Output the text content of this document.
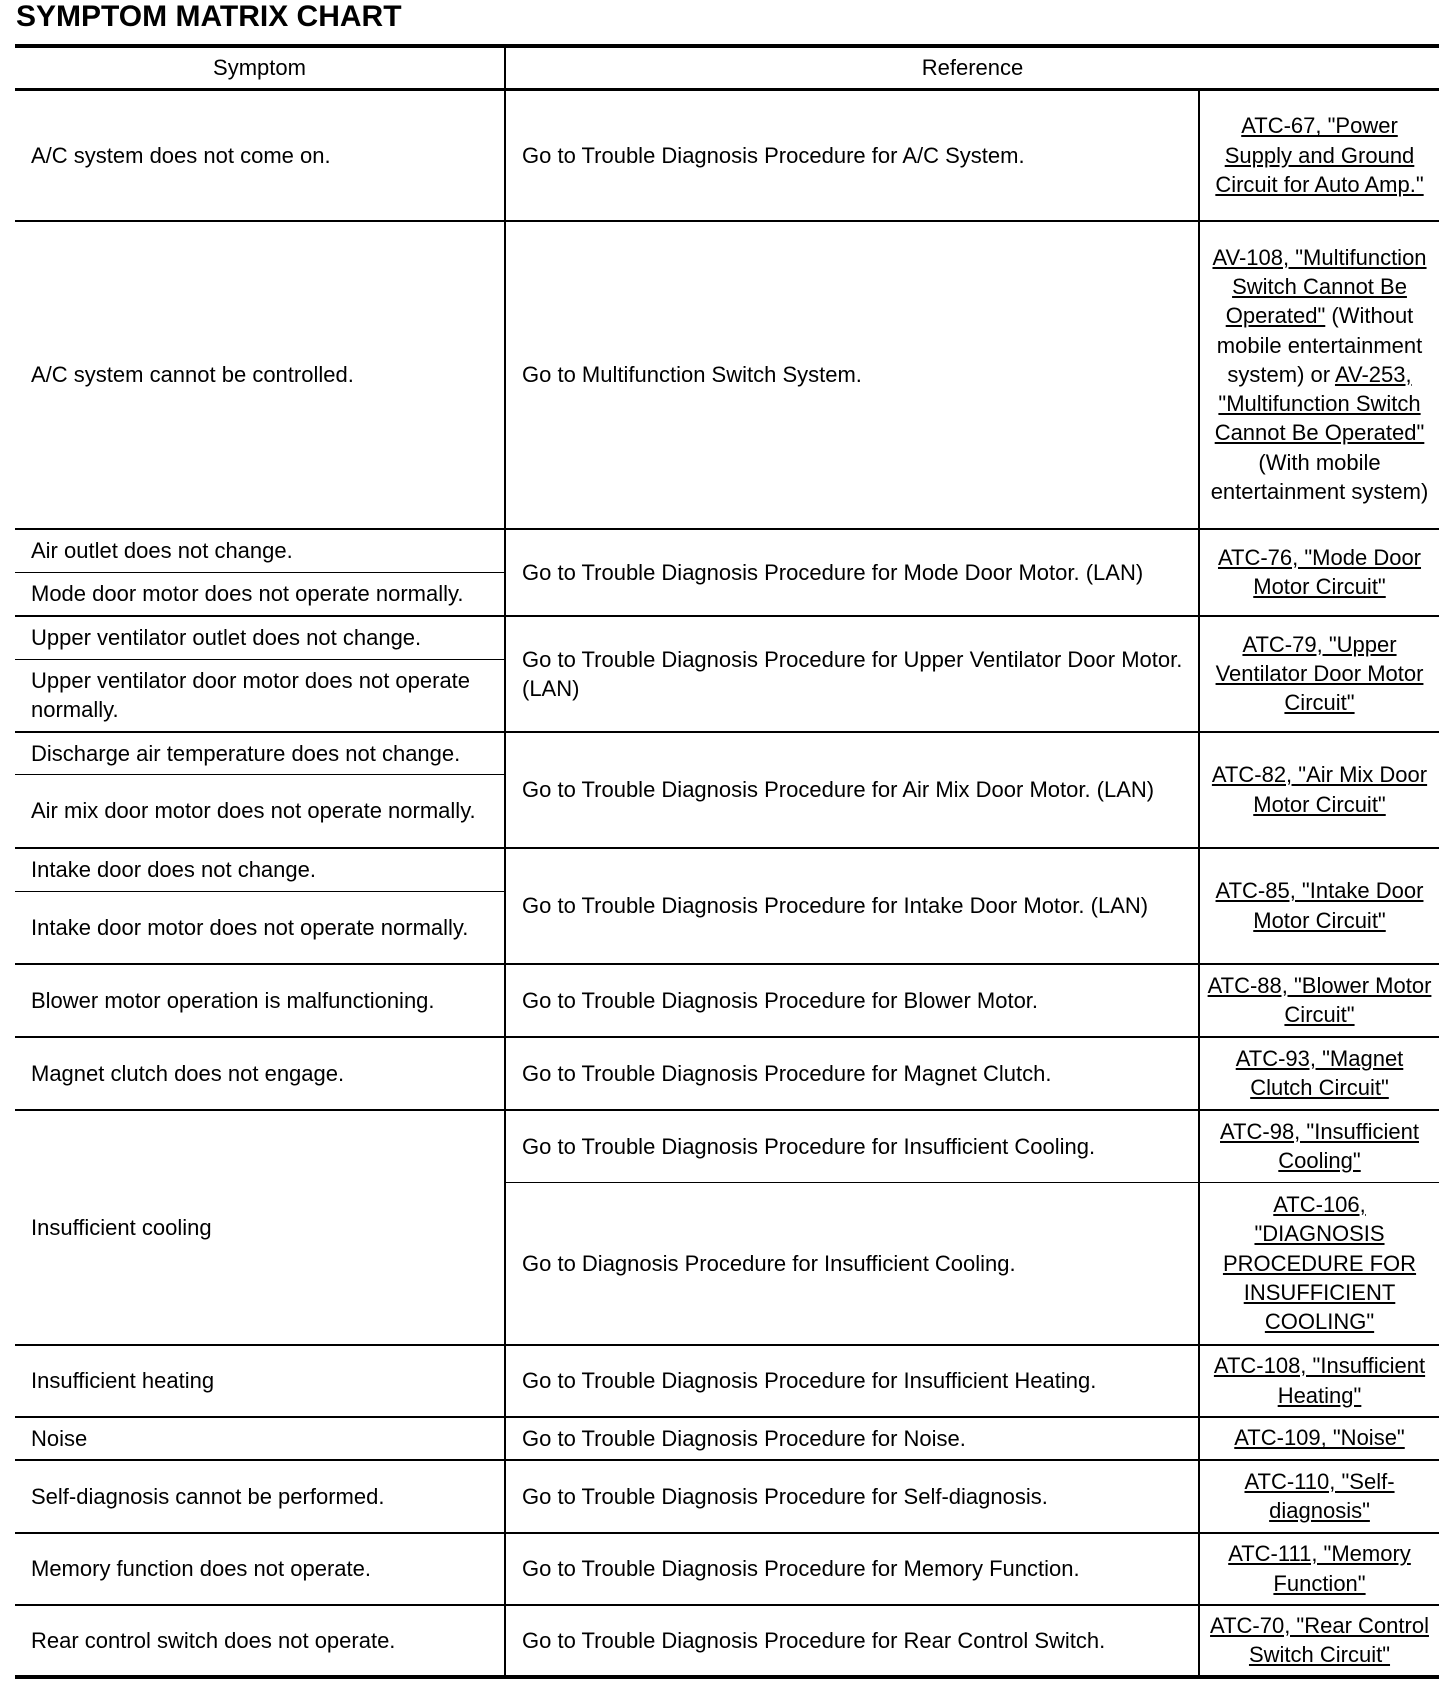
SYMPTOM MATRIX CHART
Symptom	Reference	
A/C system does not come on.	Go to Trouble Diagnosis Procedure for A/C System.	ATC-67, "Power Supply and Ground Circuit for Auto Amp."
A/C system cannot be controlled.	Go to Multifunction Switch System.	AV-108, "Multifunction Switch Cannot Be Operated" (Without mobile entertainment system) or AV-253, "Multifunction Switch Cannot Be Operated" (With mobile entertainment system)
Air outlet does not change.	Go to Trouble Diagnosis Procedure for Mode Door Motor. (LAN)	ATC-76, "Mode Door Motor Circuit"
Mode door motor does not operate normally.		
Upper ventilator outlet does not change.	Go to Trouble Diagnosis Procedure for Upper Ventilator Door Motor. (LAN)	ATC-79, "Upper Ventilator Door Motor Circuit"
Upper ventilator door motor does not operate normally.		
Discharge air temperature does not change.	Go to Trouble Diagnosis Procedure for Air Mix Door Motor. (LAN)	ATC-82, "Air Mix Door Motor Circuit"
Air mix door motor does not operate normally.		
Intake door does not change.	Go to Trouble Diagnosis Procedure for Intake Door Motor. (LAN)	ATC-85, "Intake Door Motor Circuit"
Intake door motor does not operate normally.		
Blower motor operation is malfunctioning.	Go to Trouble Diagnosis Procedure for Blower Motor.	ATC-88, "Blower Motor Circuit"
Magnet clutch does not engage.	Go to Trouble Diagnosis Procedure for Magnet Clutch.	ATC-93, "Magnet Clutch Circuit"
Insufficient cooling	Go to Trouble Diagnosis Procedure for Insufficient Cooling.	ATC-98, "Insufficient Cooling"
	Go to Diagnosis Procedure for Insufficient Cooling.	ATC-106, "DIAGNOSIS PROCEDURE FOR INSUFFICIENT COOLING"
Insufficient heating	Go to Trouble Diagnosis Procedure for Insufficient Heating.	ATC-108, "Insufficient Heating"
Noise	Go to Trouble Diagnosis Procedure for Noise.	ATC-109, "Noise"
Self-diagnosis cannot be performed.	Go to Trouble Diagnosis Procedure for Self-diagnosis.	ATC-110, "Self-diagnosis"
Memory function does not operate.	Go to Trouble Diagnosis Procedure for Memory Function.	ATC-111, "Memory Function"
Rear control switch does not operate.	Go to Trouble Diagnosis Procedure for Rear Control Switch.	ATC-70, "Rear Control Switch Circuit"
